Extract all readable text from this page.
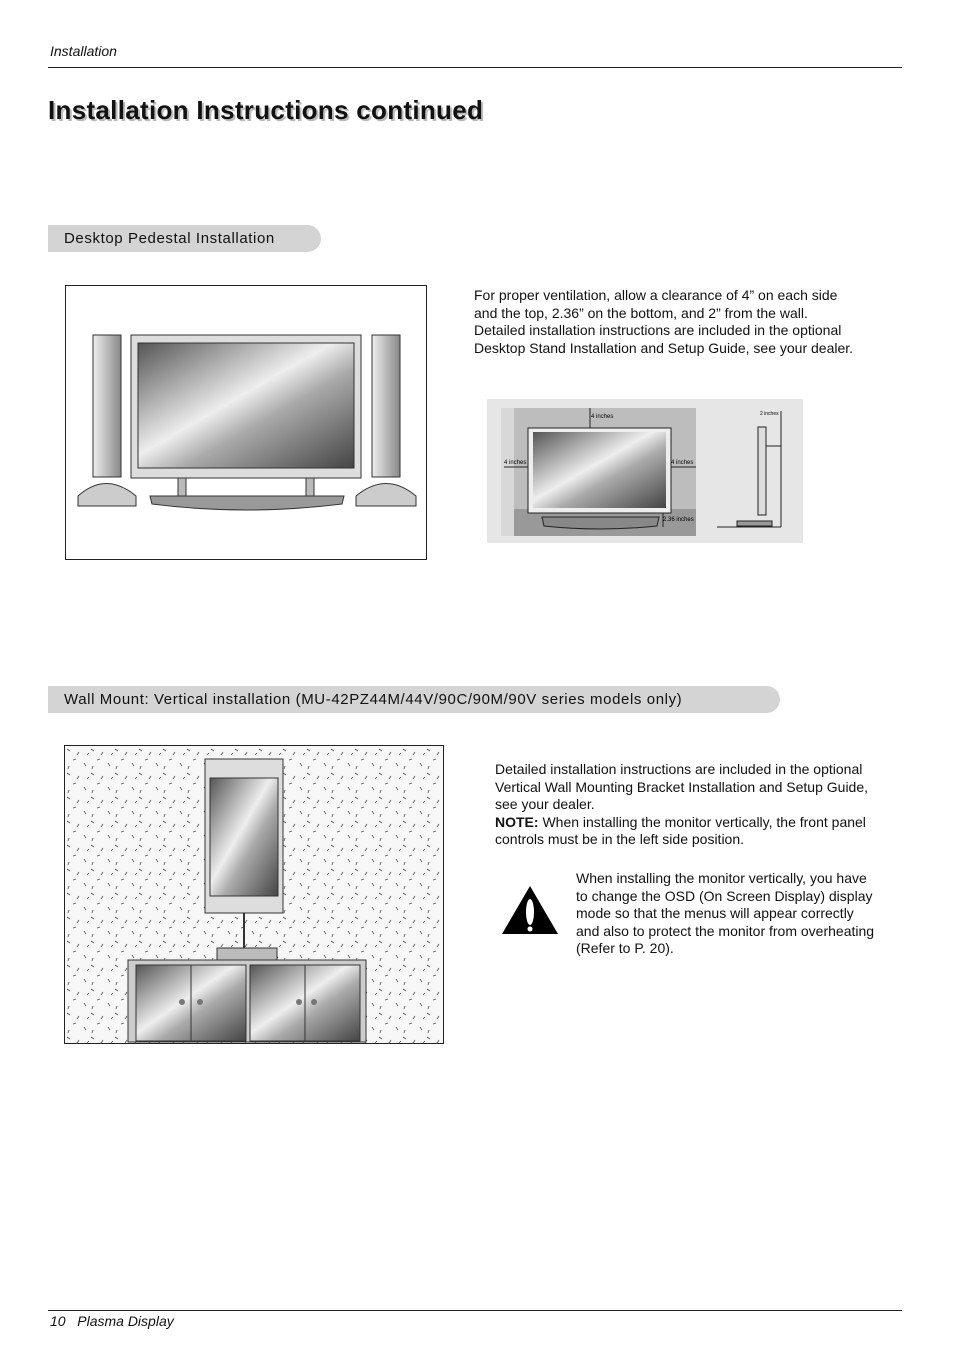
Installation
Installation Instructions continued
Desktop Pedestal Installation
For proper ventilation, allow a clearance of 4” on each side and the top, 2.36” on the bottom, and 2” from the wall. Detailed installation instructions are included in the optional Desktop Stand Installation and Setup Guide, see your dealer.
4 inches
4 inches	4 inches
2.36 inches
2 inches
Wall Mount: Vertical installation (MU-42PZ44M/44V/90C/90M/90V series models only)
Detailed installation instructions are included in the optional Vertical Wall Mounting Bracket Installation and Setup Guide, see your dealer.
NOTE: When installing the monitor vertically, the front panel controls must be in the left side position.
When installing the monitor vertically, you have to change the OSD (On Screen Display) display mode so that the menus will appear correctly and also to protect the monitor from overheating (Refer to P. 20).
10 Plasma Display
